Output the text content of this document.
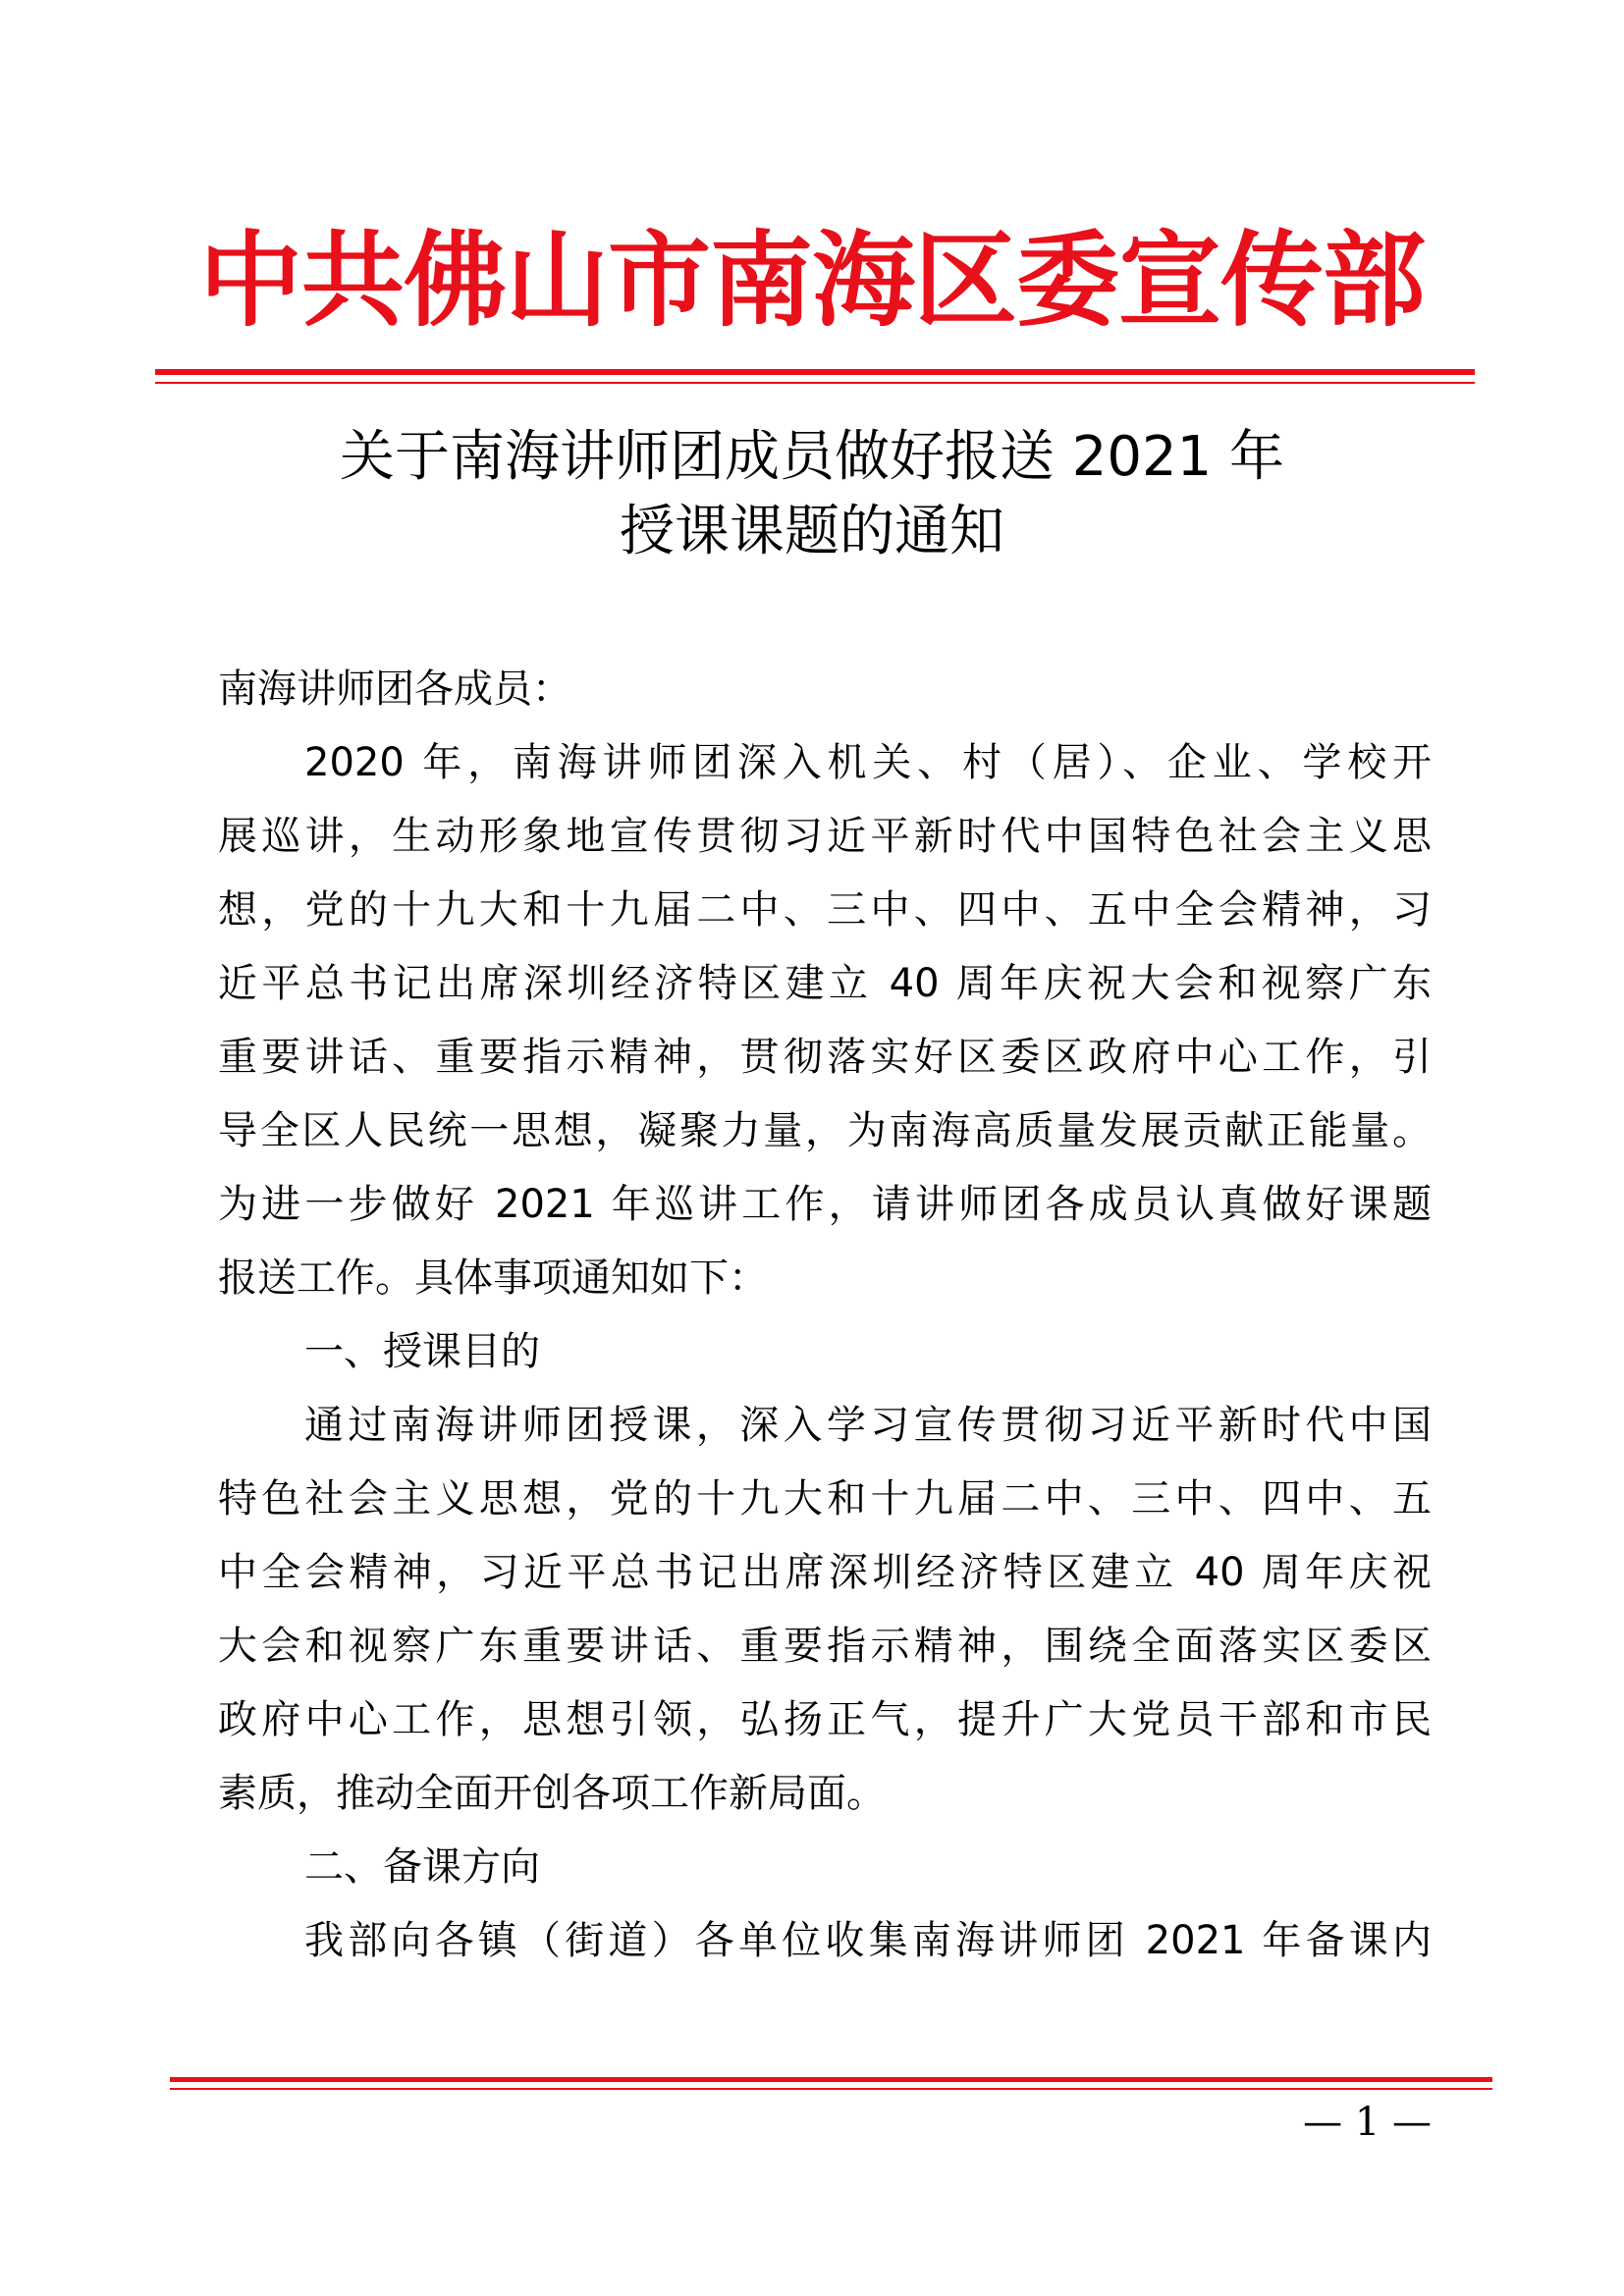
中共佛山市南海区委宣传部
关于南海讲师团成员做好报送 2021 年
授课课题的通知
南海讲师团各成员：
2020 年，南海讲师团深入机关、村（居）、企业、学校开
展巡讲，生动形象地宣传贯彻习近平新时代中国特色社会主义思
想，党的十九大和十九届二中、三中、四中、五中全会精神，习
近平总书记出席深圳经济特区建立 40 周年庆祝大会和视察广东
重要讲话、重要指示精神，贯彻落实好区委区政府中心工作，引
导全区人民统一思想，凝聚力量，为南海高质量发展贡献正能量。
为进一步做好 2021 年巡讲工作，请讲师团各成员认真做好课题
报送工作。具体事项通知如下：
一、授课目的
通过南海讲师团授课，深入学习宣传贯彻习近平新时代中国
特色社会主义思想，党的十九大和十九届二中、三中、四中、五
中全会精神，习近平总书记出席深圳经济特区建立 40 周年庆祝
大会和视察广东重要讲话、重要指示精神，围绕全面落实区委区
政府中心工作，思想引领，弘扬正气，提升广大党员干部和市民
素质，推动全面开创各项工作新局面。
二、备课方向
我部向各镇（街道）各单位收集南海讲师团 2021 年备课内
— 1 —
